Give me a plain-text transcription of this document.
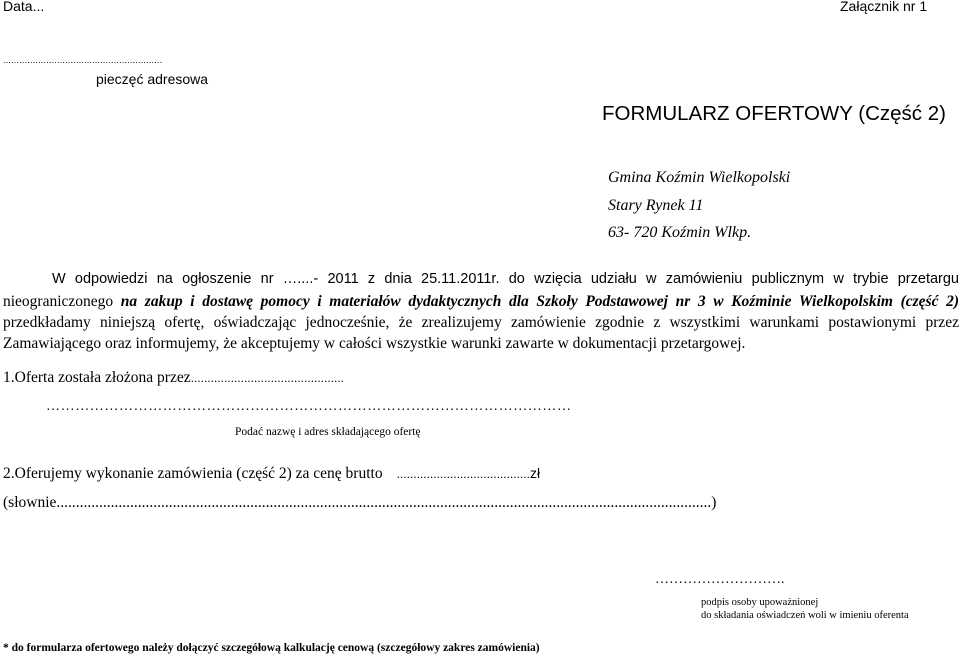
Data...	Załącznik nr 1
...........................................................
pieczęć adresowa
FORMULARZ OFERTOWY (Część 2)
Gmina Koźmin Wielkopolski
Stary Rynek 11
63- 720 Koźmin Wlkp.
W odpowiedzi na ogłoszenie nr …....- 2011 z dnia 25.11.2011r. do wzięcia udziału w zamówieniu publicznym w trybie przetargu
nieograniczonego na zakup i dostawę pomocy i materiałów dydaktycznych dla Szkoły Podstawowej nr 3 w Koźminie Wielkopolskim (część 2)
przedkładamy niniejszą ofertę, oświadczając jednocześnie, że zrealizujemy zamówienie zgodnie z wszystkimi warunkami postawionymi przez
Zamawiającego oraz informujemy, że akceptujemy w całości wszystkie warunki zawarte w dokumentacji przetargowej.
1.Oferta została złożona przez..............................................
………………………………………………………………………………………………
Podać nazwę i adres składającego ofertę
2.Oferujemy wykonanie zamówienia (część 2) za cenę brutto ........................................zł
(słownie.........................................................................................................................................................................)
……………………….
podpis osoby upoważnionej
do składania oświadczeń woli w imieniu oferenta
* do formularza ofertowego należy dołączyć szczegółową kalkulację cenową (szczegółowy zakres zamówienia)
